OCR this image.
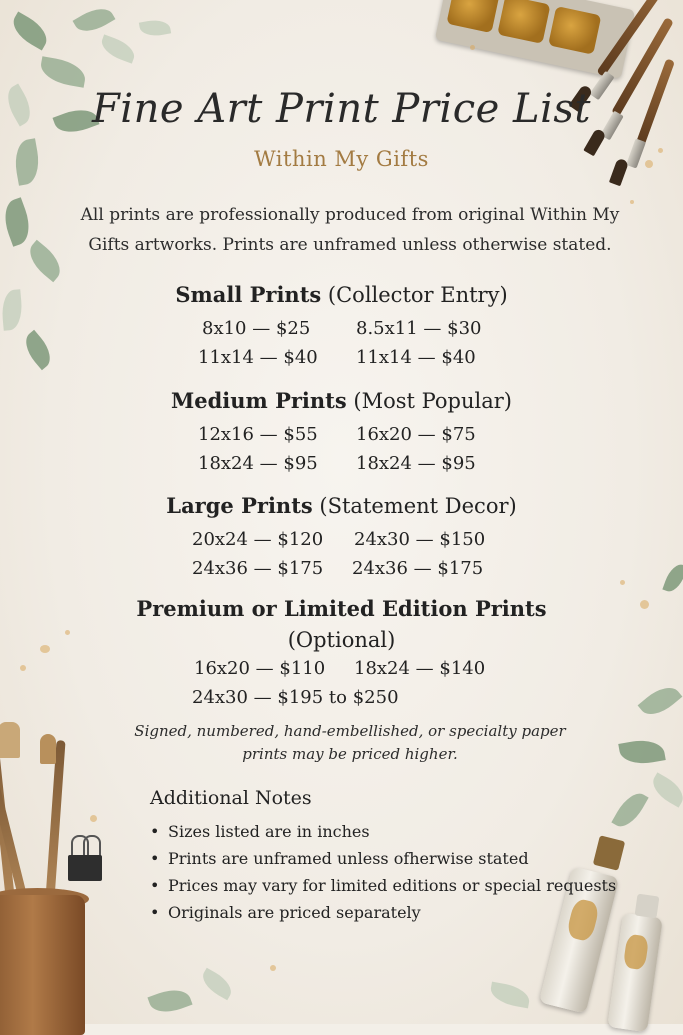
Fine Art Print Price List
Within My Gifts
All prints are professionally produced from original Within My Gifts artworks. Prints are unframed unless otherwise stated.
Small Prints (Collector Entry)
8x10 — $25	8.5x11 — $30
11x14 — $40 11x14 — $40
Medium Prints (Most Popular)
12x16 — $55 16x20 — $75
18x24 — $95 18x24 — $95
Large Prints (Statement Decor)
20x24 — $120 24x30 — $150
24x36 — $175 24x36 — $175
Premium or Limited Edition Prints
(Optional)
16x20 — $110 18x24 — $140
24x30 — $195 to $250
Signed, numbered, hand-embellished, or specialty paper prints may be priced higher.
Additional Notes
• Sizes listed are in inches
• Prints are unframed unless ofherwise stated
• Prices may vary for limited editions or special requests
• Originals are priced separately
